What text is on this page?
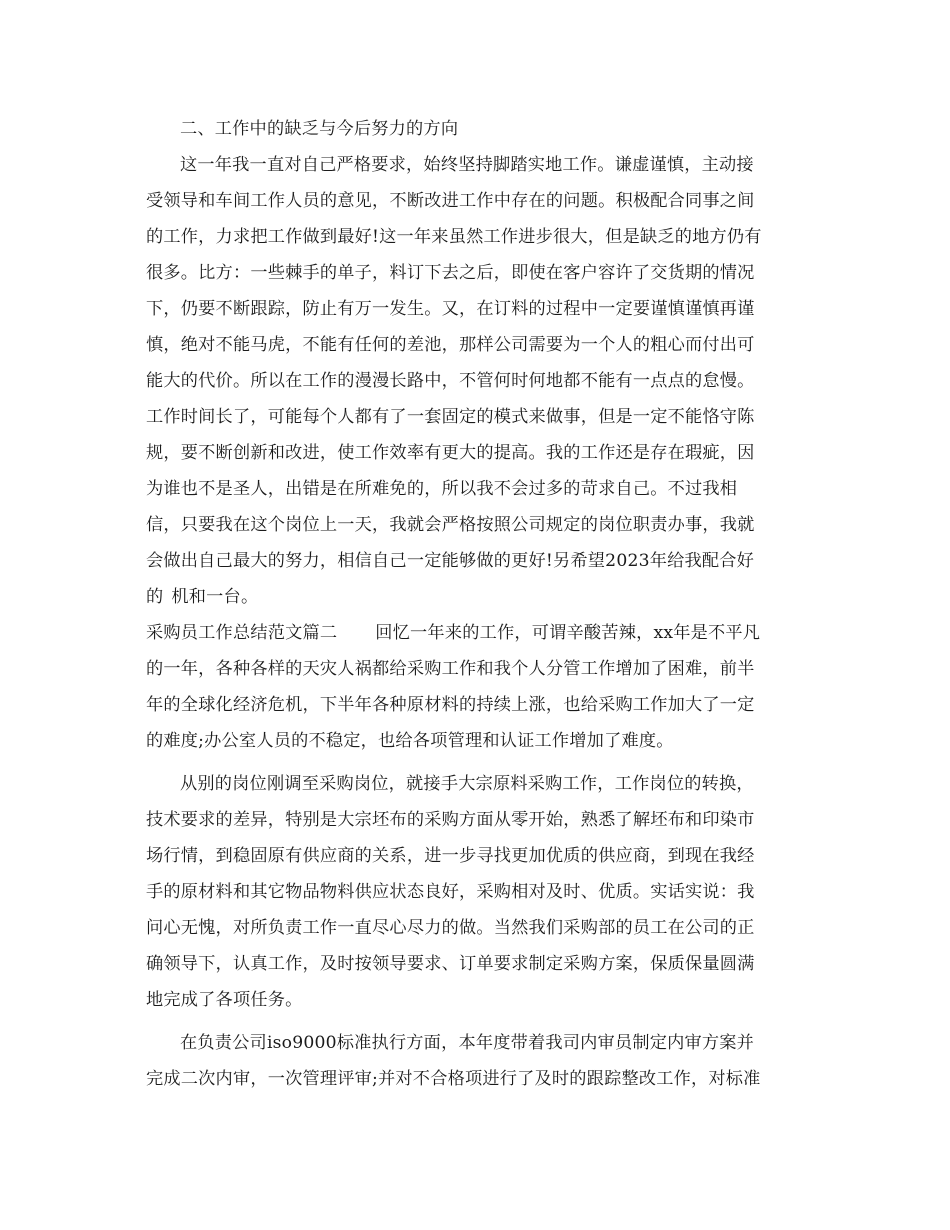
二、工作中的缺乏与今后努力的方向

这一年我一直对自己严格要求，始终坚持脚踏实地工作。谦虚谨慎，主动接

受领导和车间工作人员的意见，不断改进工作中存在的问题。积极配合同事之间

的工作，力求把工作做到最好!这一年来虽然工作进步很大，但是缺乏的地方仍有

很多。比方：一些棘手的单子，料订下去之后，即使在客户容许了交货期的情况

下，仍要不断跟踪，防止有万一发生。又，在订料的过程中一定要谨慎谨慎再谨

慎，绝对不能马虎，不能有任何的差池，那样公司需要为一个人的粗心而付出可

能大的代价。所以在工作的漫漫长路中，不管何时何地都不能有一点点的怠慢。

工作时间长了，可能每个人都有了一套固定的模式来做事，但是一定不能恪守陈

规，要不断创新和改进，使工作效率有更大的提高。我的工作还是存在瑕疵，因

为谁也不是圣人，出错是在所难免的，所以我不会过多的苛求自己。不过我相

信，只要我在这个岗位上一天，我就会严格按照公司规定的岗位职责办事，我就

会做出自己最大的努力，相信自己一定能够做的更好!另希望2023年给我配合好

的 机和一台。

采购员工作总结范文篇二 回忆一年来的工作，可谓辛酸苦辣，xx年是不平凡

的一年，各种各样的天灾人祸都给采购工作和我个人分管工作增加了困难，前半

年的全球化经济危机，下半年各种原材料的持续上涨，也给采购工作加大了一定

的难度;办公室人员的不稳定，也给各项管理和认证工作增加了难度。

从别的岗位刚调至采购岗位，就接手大宗原料采购工作，工作岗位的转换，

技术要求的差异，特别是大宗坯布的采购方面从零开始，熟悉了解坯布和印染市

场行情，到稳固原有供应商的关系，进一步寻找更加优质的供应商，到现在我经

手的原材料和其它物品物料供应状态良好，采购相对及时、优质。实话实说：我

问心无愧，对所负责工作一直尽心尽力的做。当然我们采购部的员工在公司的正

确领导下，认真工作，及时按领导要求、订单要求制定采购方案，保质保量圆满

地完成了各项任务。

在负责公司iso9000标准执行方面，本年度带着我司内审员制定内审方案并

完成二次内审，一次管理评审;并对不合格项进行了及时的跟踪整改工作，对标准
